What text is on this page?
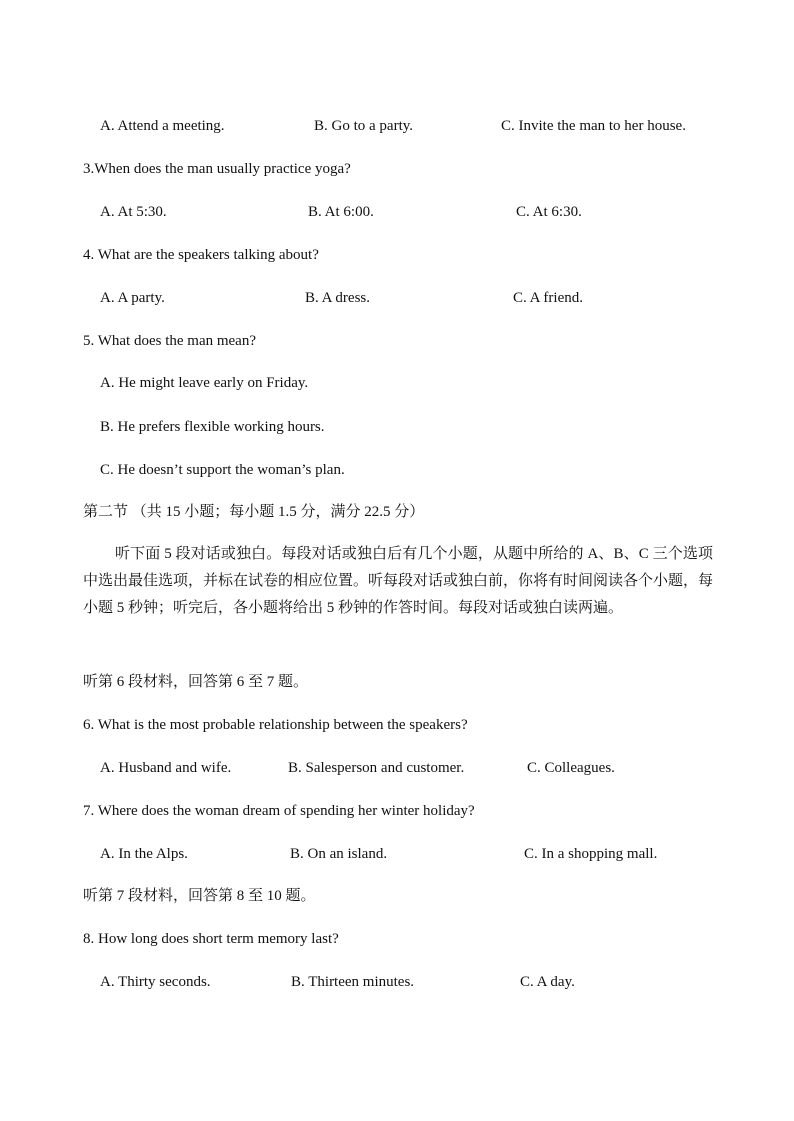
A. Attend a meeting.	B. Go to a party.	C. Invite the man to her house.
3.When does the man usually practice yoga?
A. At 5:30.	B. At 6:00.	C. At 6:30.
4. What are the speakers talking about?
A. A party.	B. A dress.	C. A friend.
5. What does the man mean?
A. He might leave early on Friday.
B. He prefers flexible working hours.
C. He doesn’t support the woman’s plan.
第二节 （共 15 小题；每小题 1.5 分，满分 22.5 分）
听下面 5 段对话或独白。每段对话或独白后有几个小题，从题中所给的 A、B、C 三个选项中选出最佳选项，并标在试卷的相应位置。听每段对话或独白前，你将有时间阅读各个小题，每小题 5 秒钟；听完后，各小题将给出 5 秒钟的作答时间。每段对话或独白读两遍。
听第 6 段材料，回答第 6 至 7 题。
6. What is the most probable relationship between the speakers?
A. Husband and wife.	B. Salesperson and customer.	C. Colleagues.
7. Where does the woman dream of spending her winter holiday?
A. In the Alps.	B. On an island.	C. In a shopping mall.
听第 7 段材料，回答第 8 至 10 题。
8. How long does short term memory last?
A. Thirty seconds.	B. Thirteen minutes.	C. A day.
